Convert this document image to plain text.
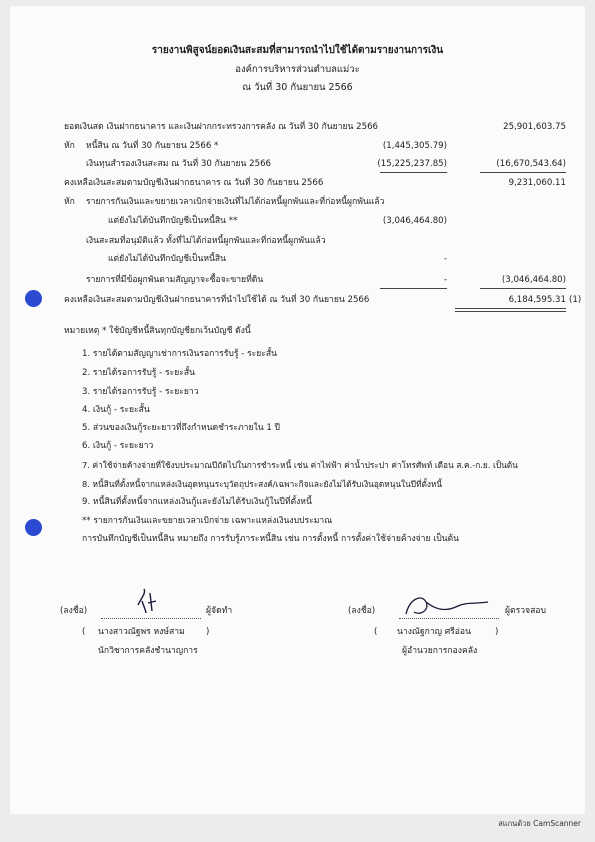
รายงานพิสูจน์ยอดเงินสะสมที่สามารถนำไปใช้ได้ตามรายงานการเงิน
องค์การบริหารส่วนตำบลแม่วะ
ณ วันที่ 30 กันยายน 2566
ยอดเงินสด เงินฝากธนาคาร และเงินฝากกระทรวงการคลัง ณ วันที่ 30 กันยายน 2566	25,901,603.75
หัก หนี้สิน ณ วันที่ 30 กันยายน 2566 *	(1,445,305.79)
เงินทุนสำรองเงินสะสม ณ วันที่ 30 กันยายน 2566	(15,225,237.85)	(16,670,543.64)
คงเหลือเงินสะสมตามบัญชีเงินฝากธนาคาร ณ วันที่ 30 กันยายน 2566	9,231,060.11
หัก รายการกันเงินและขยายเวลาเบิกจ่ายเงินที่ไม่ได้ก่อหนี้ผูกพันและที่ก่อหนี้ผูกพันแล้ว
แต่ยังไม่ได้บันทึกบัญชีเป็นหนี้สิน **	(3,046,464.80)
เงินสะสมที่อนุมัติแล้ว ทั้งที่ไม่ได้ก่อหนี้ผูกพันและที่ก่อหนี้ผูกพันแล้ว
แต่ยังไม่ได้บันทึกบัญชีเป็นหนี้สิน	-
รายการที่มีข้อผูกพันตามสัญญาจะซื้อจะขายที่ดิน	-	(3,046,464.80)
คงเหลือเงินสะสมตามบัญชีเงินฝากธนาคารที่นำไปใช้ได้ ณ วันที่ 30 กันยายน 2566	6,184,595.31 (1)
หมายเหตุ * ใช้บัญชีหนี้สินทุกบัญชียกเว้นบัญชี ดังนี้
1. รายได้ตามสัญญาเช่าการเงินรอการรับรู้ - ระยะสั้น
2. รายได้รอการรับรู้ - ระยะสั้น
3. รายได้รอการรับรู้ - ระยะยาว
4. เงินกู้ - ระยะสั้น
5. ส่วนของเงินกู้ระยะยาวที่ถึงกำหนดชำระภายใน 1 ปี
6. เงินกู้ - ระยะยาว
7. ค่าใช้จ่ายค้างจ่ายที่ใช้งบประมาณปีถัดไปในการชำระหนี้ เช่น ค่าไฟฟ้า ค่าน้ำประปา ค่าโทรศัพท์ เดือน ส.ค.-ก.ย. เป็นต้น
8. หนี้สินที่ตั้งหนี้จากแหล่งเงินอุดหนุนระบุวัตถุประสงค์/เฉพาะกิจและยังไม่ได้รับเงินอุดหนุนในปีที่ตั้งหนี้
9. หนี้สินที่ตั้งหนี้จากแหล่งเงินกู้และยังไม่ได้รับเงินกู้ในปีที่ตั้งหนี้
** รายการกันเงินและขยายเวลาเบิกจ่าย เฉพาะแหล่งเงินงบประมาณ
การบันทึกบัญชีเป็นหนี้สิน หมายถึง การรับรู้ภาระหนี้สิน เช่น การตั้งหนี้ การตั้งค่าใช้จ่ายค้างจ่าย เป็นต้น
(ลงชื่อ)	ผู้จัดทำ
( นางสาวณัฐพร หงษ์สาม )
นักวิชาการคลังชำนาญการ
(ลงชื่อ)	ผู้ตรวจสอบ
( นางณัฐกาญ ศรีอ่อน	)
ผู้อำนวยการกองคลัง
สแกนด้วย CamScanner
